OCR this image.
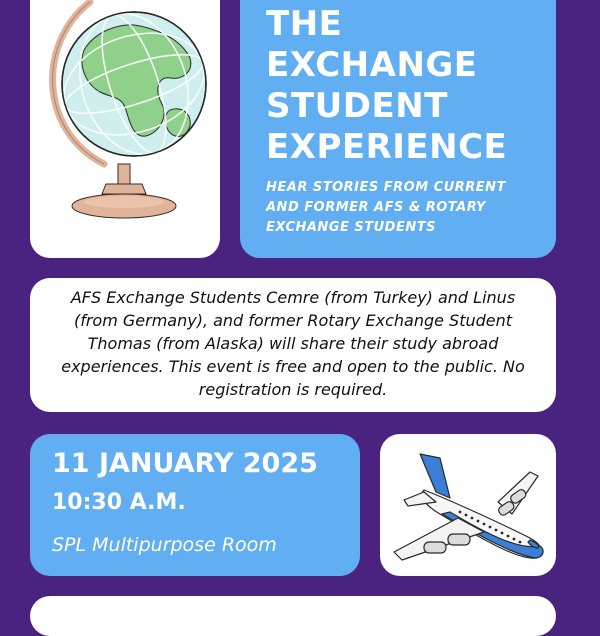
THE
EXCHANGE
STUDENT
EXPERIENCE
HEAR STORIES FROM CURRENT AND FORMER AFS & ROTARY EXCHANGE STUDENTS

AFS Exchange Students Cemre (from Turkey) and Linus (from Germany), and former Rotary Exchange Student Thomas (from Alaska) will share their study abroad experiences. This event is free and open to the public. No registration is required.

11 JANUARY 2025
10:30 A.M.
SPL Multipurpose Room
